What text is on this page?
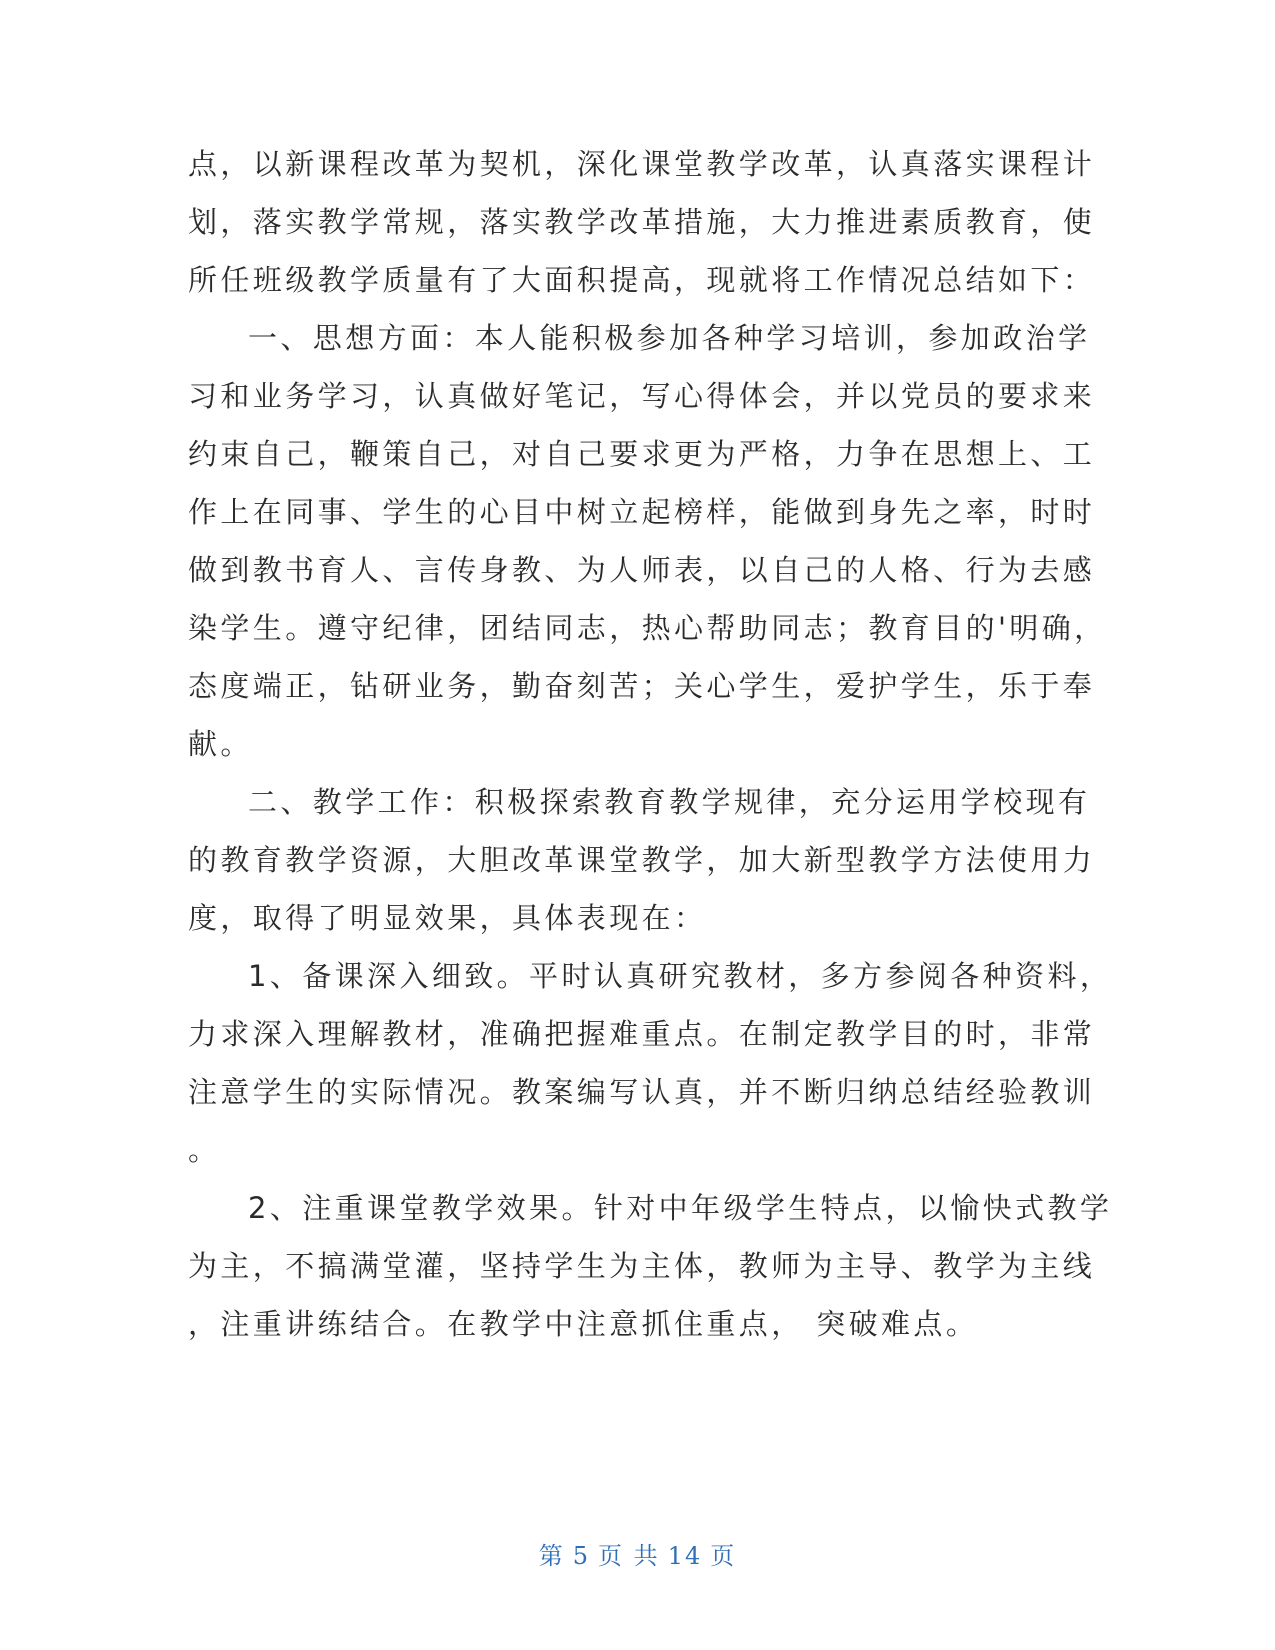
点，以新课程改革为契机，深化课堂教学改革，认真落实课程计
划，落实教学常规，落实教学改革措施，大力推进素质教育，使
所任班级教学质量有了大面积提高，现就将工作情况总结如下：
一、思想方面：本人能积极参加各种学习培训，参加政治学
习和业务学习，认真做好笔记，写心得体会，并以党员的要求来
约束自己，鞭策自己，对自己要求更为严格，力争在思想上、工
作上在同事、学生的心目中树立起榜样，能做到身先之率，时时
做到教书育人、言传身教、为人师表，以自己的人格、行为去感
染学生。遵守纪律，团结同志，热心帮助同志；教育目的'明确，
态度端正，钻研业务，勤奋刻苦；关心学生，爱护学生，乐于奉
献。
二、教学工作：积极探索教育教学规律，充分运用学校现有
的教育教学资源，大胆改革课堂教学，加大新型教学方法使用力
度，取得了明显效果，具体表现在：
1、备课深入细致。平时认真研究教材，多方参阅各种资料，
力求深入理解教材，准确把握难重点。在制定教学目的时，非常
注意学生的实际情况。教案编写认真，并不断归纳总结经验教训
。
2、注重课堂教学效果。针对中年级学生特点，以愉快式教学
为主，不搞满堂灌，坚持学生为主体，教师为主导、教学为主线
，注重讲练结合。在教学中注意抓住重点， 突破难点。
第 5 页 共 14 页
